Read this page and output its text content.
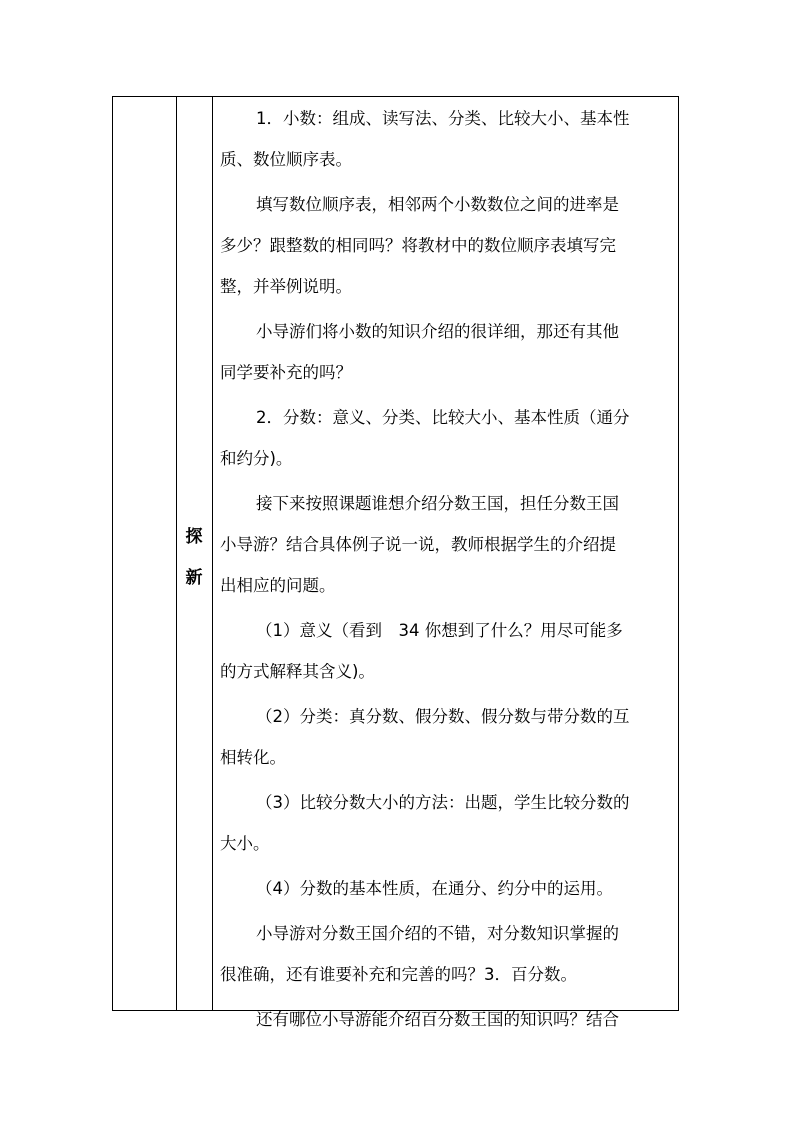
探
新

1．小数：组成、读写法、分类、比较大小、基本性

质、数位顺序表。

填写数位顺序表，相邻两个小数数位之间的进率是

多少？跟整数的相同吗？将教材中的数位顺序表填写完

整，并举例说明。

小导游们将小数的知识介绍的很详细，那还有其他

同学要补充的吗？

2．分数：意义、分类、比较大小、基本性质（通分

和约分)。

接下来按照课题谁想介绍分数王国，担任分数王国

小导游？结合具体例子说一说，教师根据学生的介绍提

出相应的问题。

（1）意义（看到　34 你想到了什么？用尽可能多

的方式解释其含义)。

（2）分类：真分数、假分数、假分数与带分数的互

相转化。

（3）比较分数大小的方法：出题，学生比较分数的

大小。

（4）分数的基本性质，在通分、约分中的运用。

小导游对分数王国介绍的不错，对分数知识掌握的

很准确，还有谁要补充和完善的吗？3．百分数。

还有哪位小导游能介绍百分数王国的知识吗？结合
